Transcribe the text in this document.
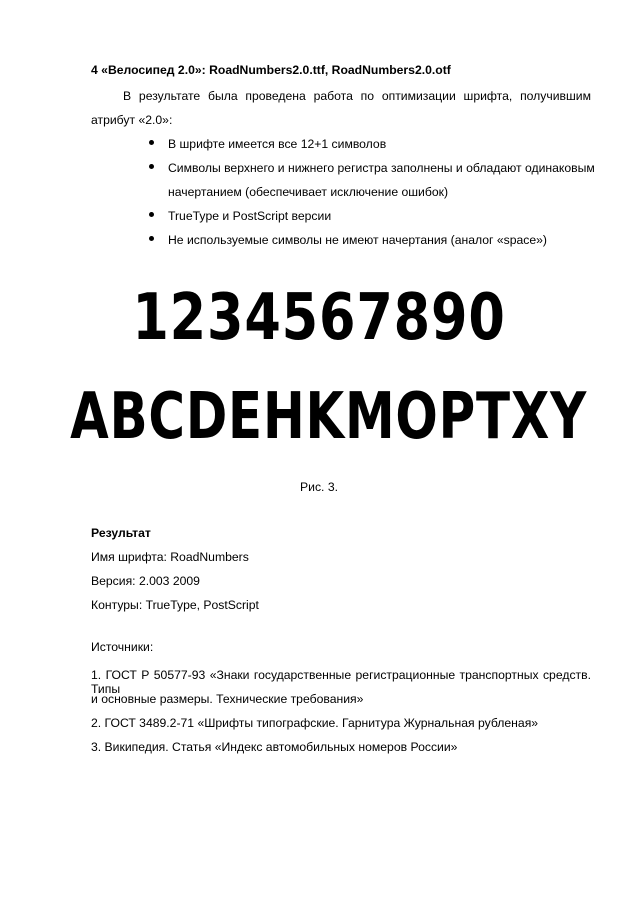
4 «Велосипед 2.0»: RoadNumbers2.0.ttf, RoadNumbers2.0.otf
В результате была проведена работа по оптимизации шрифта, получившим
атрибут «2.0»:
В шрифте имеется все 12+1 символов
Символы верхнего и нижнего регистра заполнены и обладают одинаковым
начертанием (обеспечивает исключение ошибок)
TrueType и PostScript версии
Не используемые символы не имеют начертания (аналог «space»)
1234567890
ABCDEHKMOPTXY
Рис. 3.
Результат
Имя шрифта: RoadNumbers
Версия: 2.003 2009
Контуры: TrueType, PostScript
Источники:
1. ГОСТ Р 50577-93 «Знаки государственные регистрационные транспортных средств. Типы
и основные размеры. Технические требования»
2. ГОСТ 3489.2-71 «Шрифты типографские. Гарнитура Журнальная рубленая»
3. Википедия. Статья «Индекс автомобильных номеров России»
